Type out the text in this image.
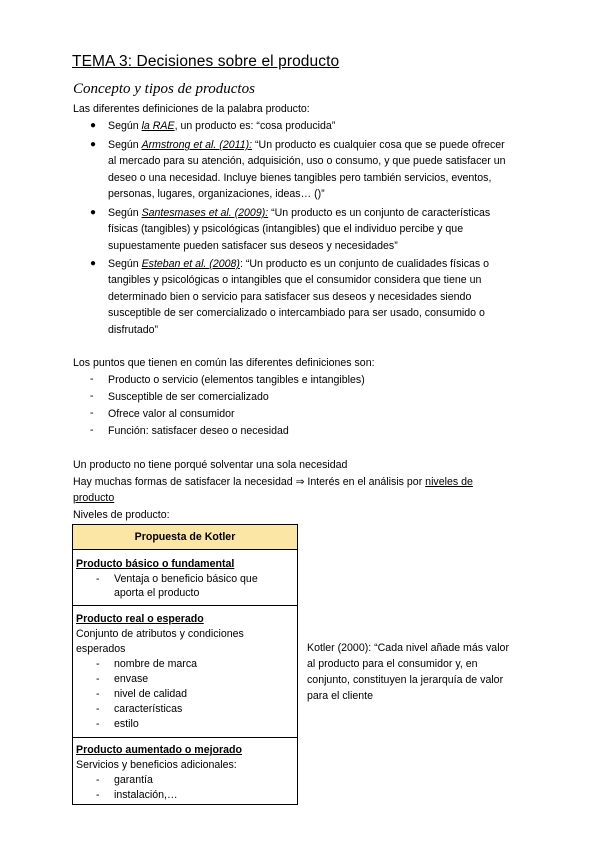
TEMA 3: Decisiones sobre el producto
Concepto y tipos de productos
Las diferentes definiciones de la palabra producto:
● Según la RAE, un producto es: “cosa producida”
● Según Armstrong et al. (2011): “Un producto es cualquier cosa que se puede ofrecer
al mercado para su atención, adquisición, uso o consumo, y que puede satisfacer un
deseo o una necesidad. Incluye bienes tangibles pero también servicios, eventos,
personas, lugares, organizaciones, ideas… ()”
● Según Santesmases et al. (2009): “Un producto es un conjunto de características
físicas (tangibles) y psicológicas (intangibles) que el individuo percibe y que
supuestamente pueden satisfacer sus deseos y necesidades”
● Según Esteban et al. (2008): “Un producto es un conjunto de cualidades físicas o
tangibles y psicológicas o intangibles que el consumidor considera que tiene un
determinado bien o servicio para satisfacer sus deseos y necesidades siendo
susceptible de ser comercializado o intercambiado para ser usado, consumido o
disfrutado”
Los puntos que tienen en común las diferentes definiciones son:
- Producto o servicio (elementos tangibles e intangibles)
- Susceptible de ser comercializado
- Ofrece valor al consumidor
- Función: satisfacer deseo o necesidad
Un producto no tiene porqué solventar una sola necesidad
Hay muchas formas de satisfacer la necesidad ⇒ Interés en el análisis por niveles de
producto
Niveles de producto:
Propuesta de Kotler
Producto básico o fundamental
- Ventaja o beneficio básico que
aporta el producto
Producto real o esperado
Conjunto de atributos y condiciones
esperados
- nombre de marca
- envase
- nivel de calidad
- características
- estilo
Producto aumentado o mejorado
Servicios y beneficios adicionales:
- garantía
- instalación,…
Kotler (2000): “Cada nivel añade más valor
al producto para el consumidor y, en
conjunto, constituyen la jerarquía de valor
para el cliente
